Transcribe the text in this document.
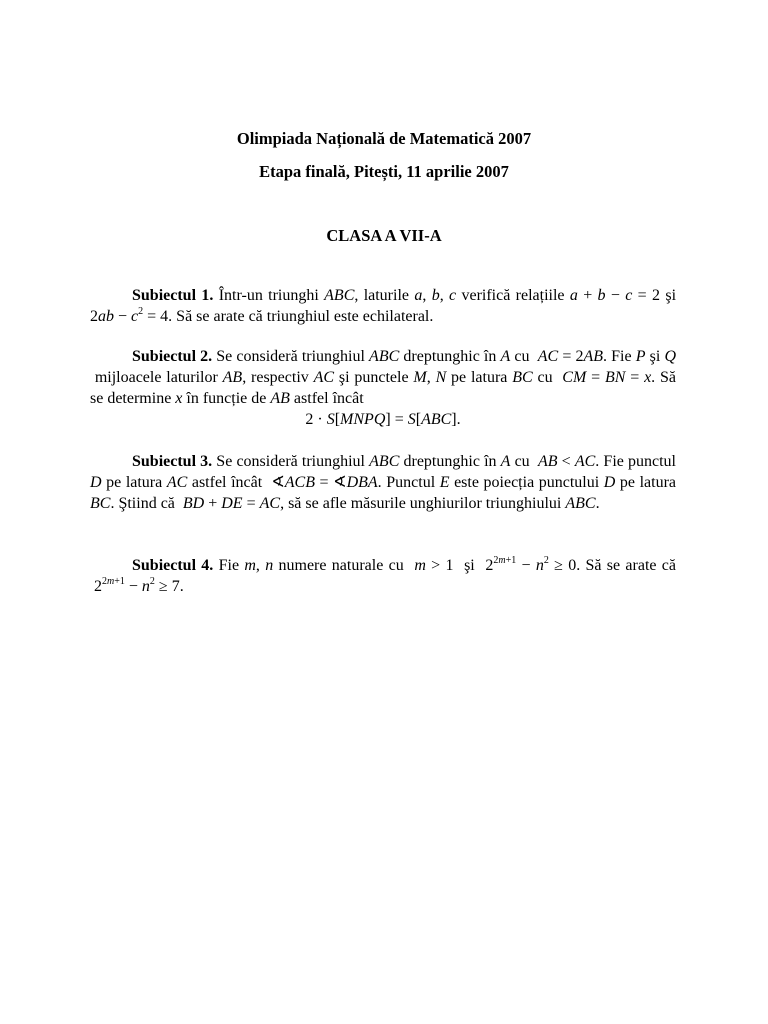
Olimpiada Națională de Matematică 2007
Etapa finală, Pitești, 11 aprilie 2007
CLASA A VII-A

Subiectul 1. Într-un triunghi ABC, laturile a, b, c verifică relațiile a + b − c = 2 şi $2ab - c^2 = 4$. Să se arate că triunghiul este echilateral.

Subiectul 2. Se consideră triunghiul ABC dreptunghic în A cu  AC = 2AB. Fie P şi Q  mijloacele laturilor AB, respectiv AC şi punctele M, N pe latura BC cu  CM = BN = x. Să se determine x în funcție de AB astfel încât

2 · S[MNPQ] = S[ABC].

Subiectul 3. Se consideră triunghiul ABC dreptunghic în A cu  AB < AC. Fie punctul D pe latura AC astfel încât  ∢ACB = ∢DBA. Punctul E este poiecția punctului D pe latura BC. Ştiind că  BD + DE = AC, să se afle măsurile unghiurilor triunghiului ABC.

Subiectul 4. Fie m, n numere naturale cu  m > 1  şi  $2^{2m+1} - n^2 \ge 0$. Să se arate că  $2^{2m+1} - n^2 \ge 7$.
